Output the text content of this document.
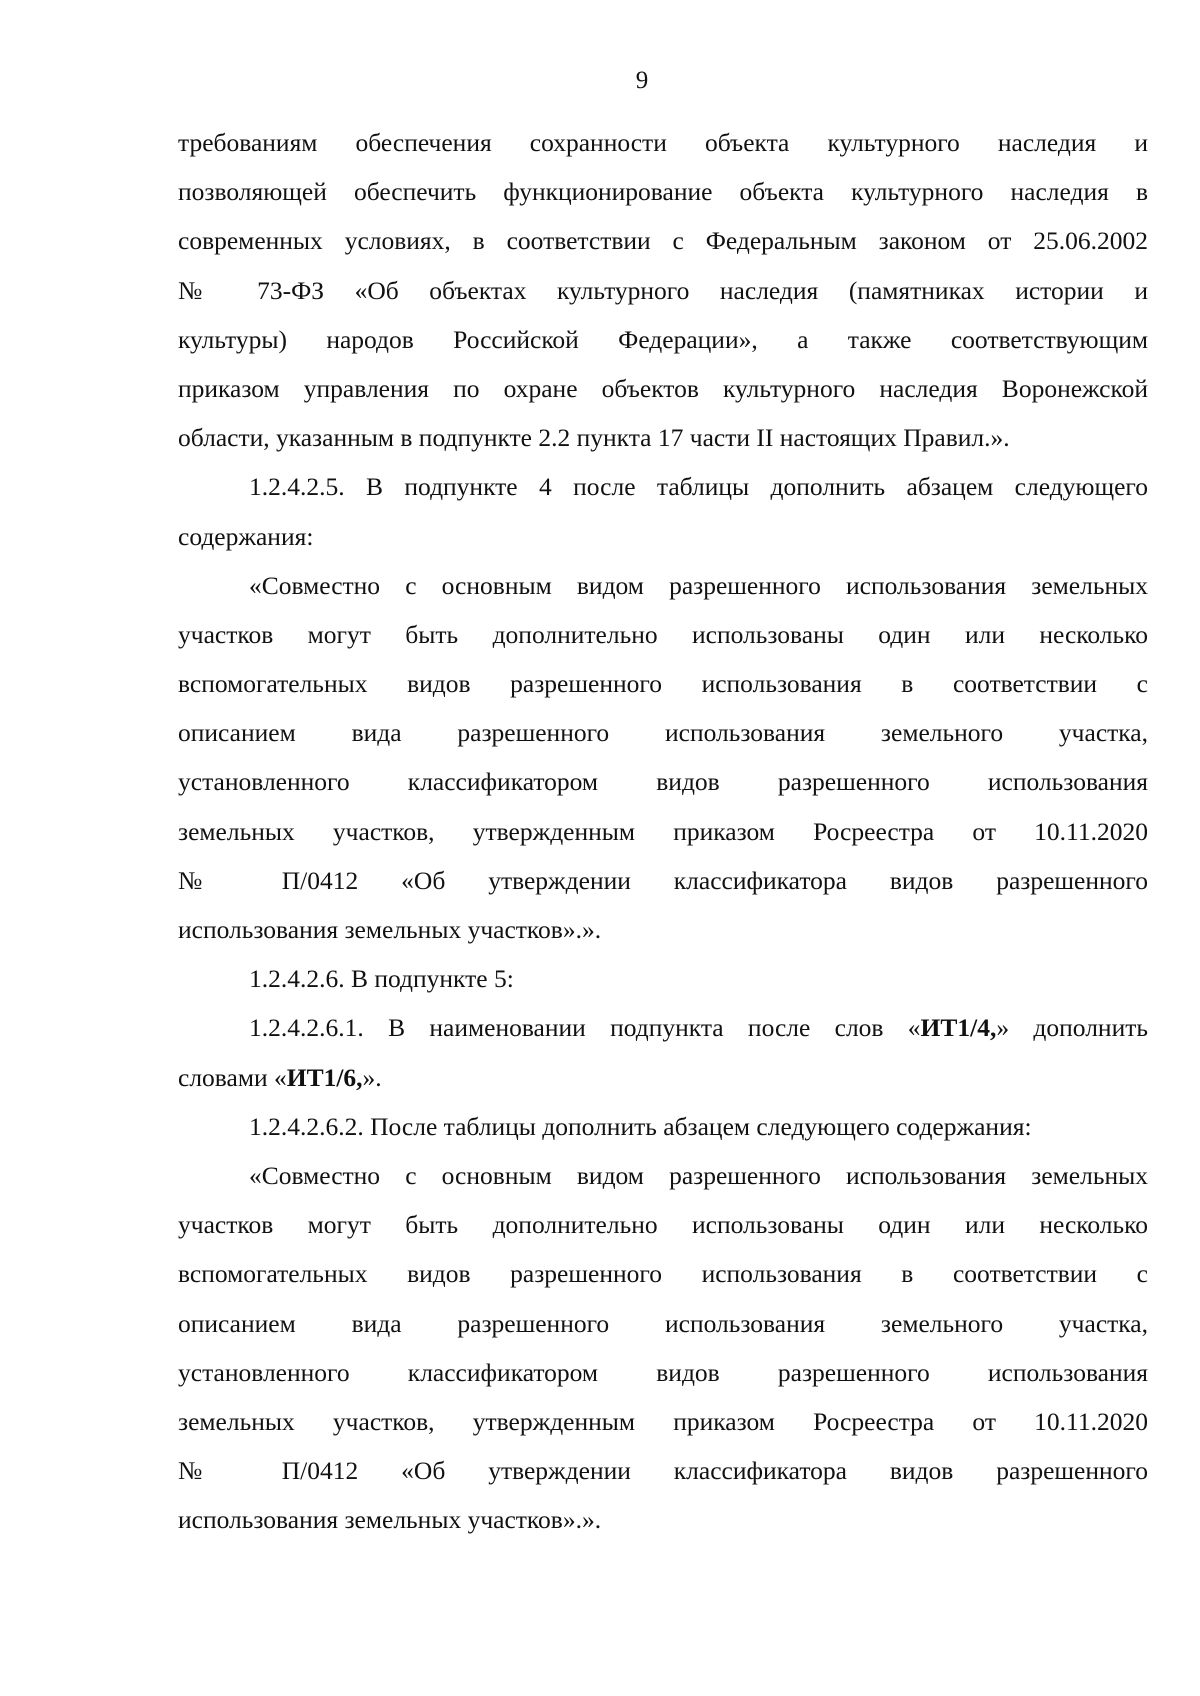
9
требованиям обеспечения сохранности объекта культурного наследия и
позволяющей обеспечить функционирование объекта культурного наследия в
современных условиях, в соответствии с Федеральным законом от 25.06.2002
№ 73-ФЗ «Об объектах культурного наследия (памятниках истории и
культуры) народов Российской Федерации», а также соответствующим
приказом управления по охране объектов культурного наследия Воронежской
области, указанным в подпункте 2.2 пункта 17 части II настоящих Правил.».
1.2.4.2.5. В подпункте 4 после таблицы дополнить абзацем следующего
содержания:
«Совместно с основным видом разрешенного использования земельных
участков могут быть дополнительно использованы один или несколько
вспомогательных видов разрешенного использования в соответствии с
описанием вида разрешенного использования земельного участка,
установленного классификатором видов разрешенного использования
земельных участков, утвержденным приказом Росреестра от 10.11.2020
№ П/0412 «Об утверждении классификатора видов разрешенного
использования земельных участков».».
1.2.4.2.6. В подпункте 5:
1.2.4.2.6.1. В наименовании подпункта после слов «ИТ1/4,» дополнить
словами «ИТ1/6,».
1.2.4.2.6.2. После таблицы дополнить абзацем следующего содержания:
«Совместно с основным видом разрешенного использования земельных
участков могут быть дополнительно использованы один или несколько
вспомогательных видов разрешенного использования в соответствии с
описанием вида разрешенного использования земельного участка,
установленного классификатором видов разрешенного использования
земельных участков, утвержденным приказом Росреестра от 10.11.2020
№ П/0412 «Об утверждении классификатора видов разрешенного
использования земельных участков».».
